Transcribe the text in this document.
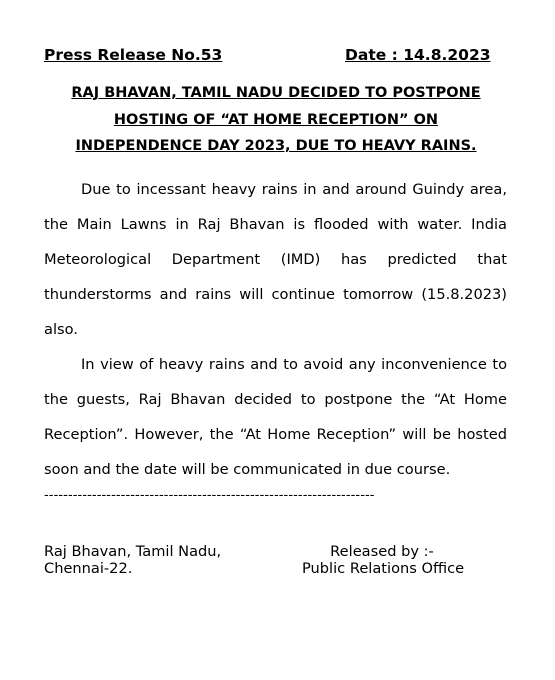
Press Release No.53	Date : 14.8.2023
RAJ BHAVAN, TAMIL NADU DECIDED TO POSTPONE
HOSTING OF “AT HOME RECEPTION” ON
INDEPENDENCE DAY 2023, DUE TO HEAVY RAINS.

Due to incessant heavy rains in and around Guindy area, the Main Lawns in Raj Bhavan is flooded with water. India Meteorological Department (IMD) has predicted that thunderstorms and rains will continue tomorrow (15.8.2023) also.

In view of heavy rains and to avoid any inconvenience to the guests, Raj Bhavan decided to postpone the “At Home Reception”. However, the “At Home Reception” will be hosted soon and the date will be communicated in due course.

---------------------------------------------------------------------
Raj Bhavan, Tamil Nadu,
Chennai-22.
Released by :-
Public Relations Office
